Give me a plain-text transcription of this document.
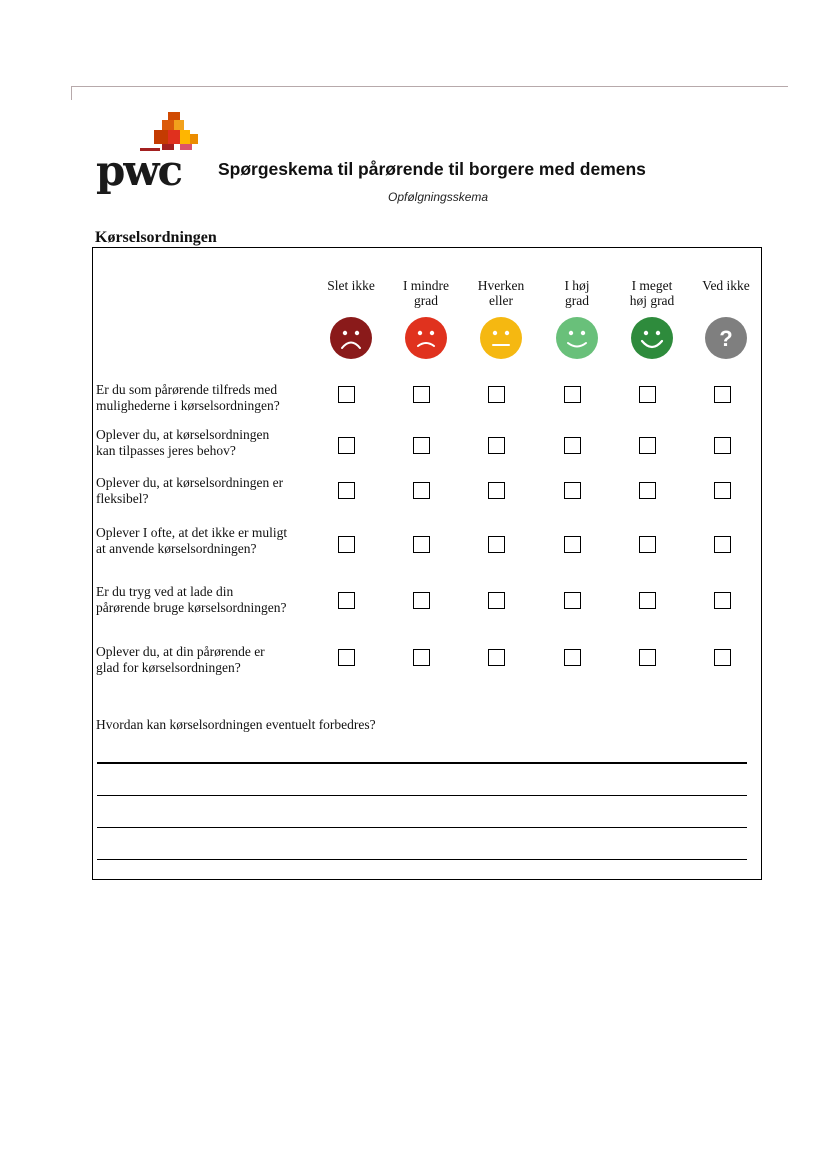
pwc Spørgeskema til pårørende til borgere med demens
Opfølgningsskema
Kørselsordningen
Slet ikke	I mindre
grad
Hverken
eller
I høj
grad
I meget
høj grad
Ved ikke
?
Er du som pårørende tilfreds med
mulighederne i kørselsordningen?
Oplever du, at kørselsordningen
kan tilpasses jeres behov?
Oplever du, at kørselsordningen er
fleksibel?
Oplever I ofte, at det ikke er muligt
at anvende kørselsordningen?
Er du tryg ved at lade din
pårørende bruge kørselsordningen?
Oplever du, at din pårørende er
glad for kørselsordningen?
Hvordan kan kørselsordningen eventuelt forbedres?
